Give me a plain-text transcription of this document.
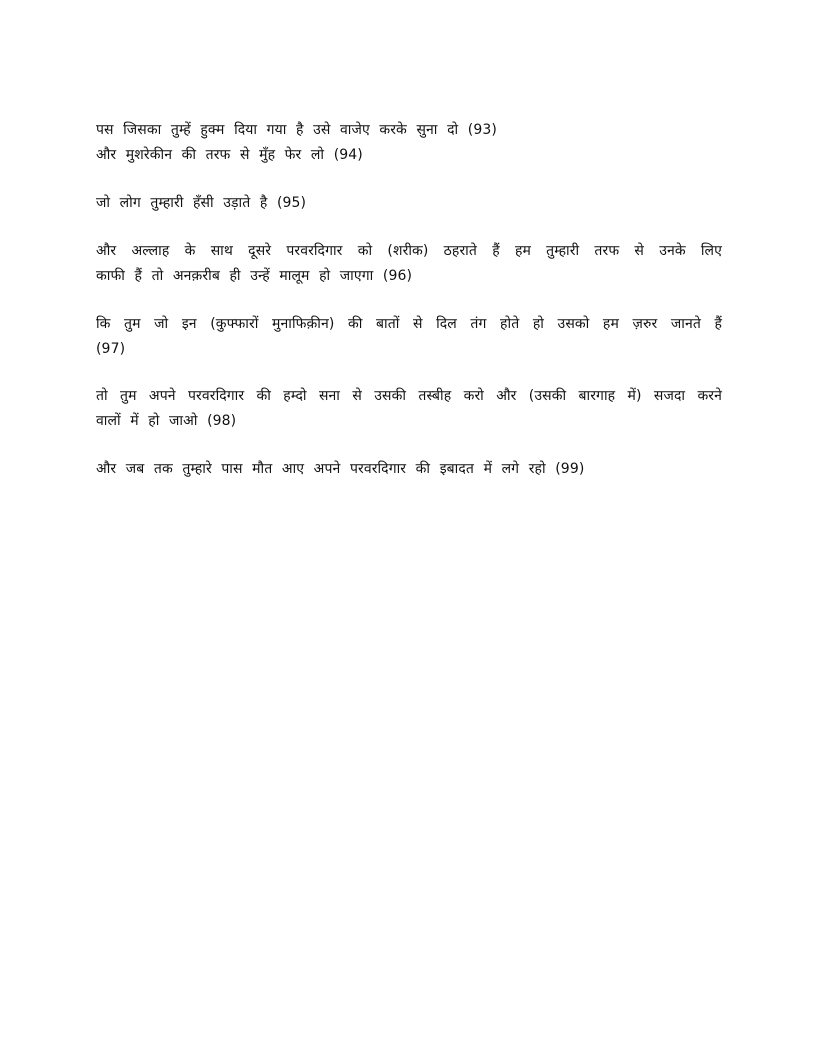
पस जिसका तुम्हें हुक्म दिया गया है उसे वाजेए करके सुना दो (93)
और मुशरेकीन की तरफ से मुँह फेर लो (94)
जो लोग तुम्हारी हँसी उड़ाते है (95)
और अल्लाह के साथ दूसरे परवरदिगार को (शरीक) ठहराते हैं हम तुम्हारी तरफ से उनके लिए
काफी हैं तो अनक़रीब ही उन्हें मालूम हो जाएगा (96)
कि तुम जो इन (कुफ्फारों मुनाफिक़ीन) की बातों से दिल तंग होते हो उसको हम ज़रुर जानते हैं
(97)
तो तुम अपने परवरदिगार की हम्दो सना से उसकी तस्बीह करो और (उसकी बारगाह में) सजदा करने
वालों में हो जाओ (98)
और जब तक तुम्हारे पास मौत आए अपने परवरदिगार की इबादत में लगे रहो (99)
